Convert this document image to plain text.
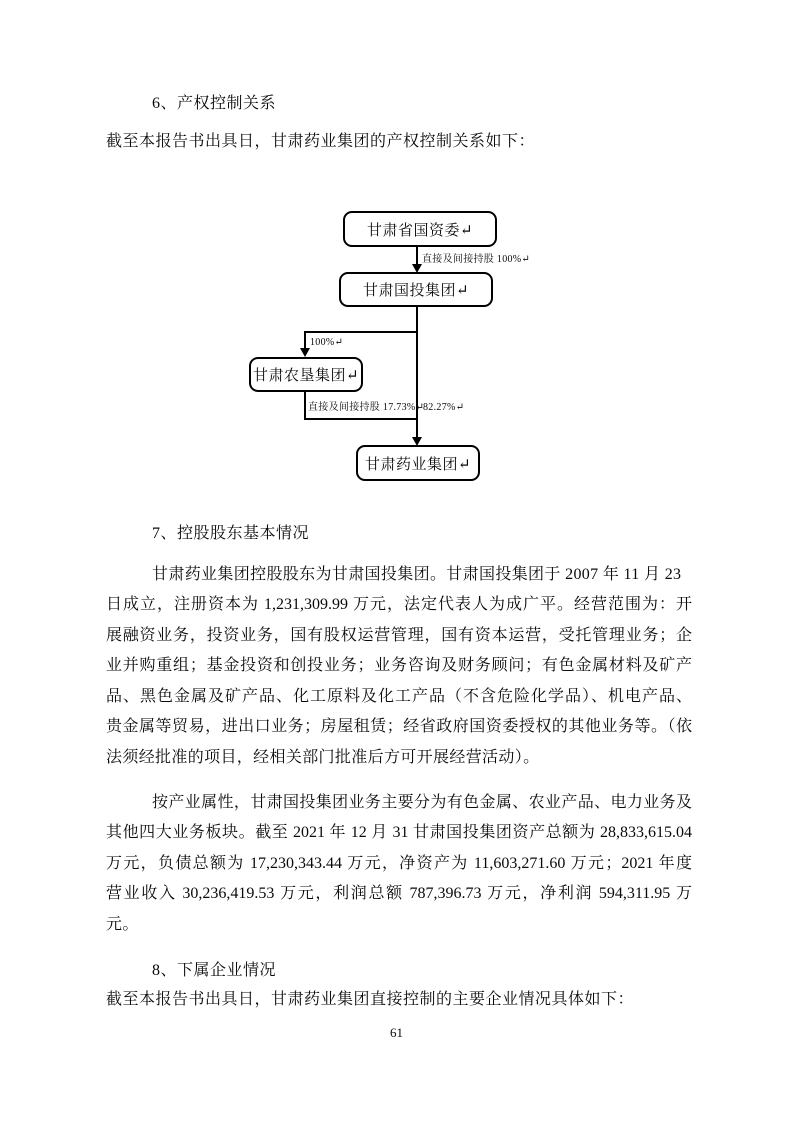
6、产权控制关系
截至本报告书出具日，甘肃药业集团的产权控制关系如下：
甘肃省国资委↵
直接及间接持股 100%↵
甘肃国投集团↵
100%↵
甘肃农垦集团↵
直接及间接持股 17.73%↵
82.27%↵
甘肃药业集团↵
7、控股股东基本情况
甘肃药业集团控股股东为甘肃国投集团。甘肃国投集团于 2007 年 11 月 23
日成立，注册资本为 1,231,309.99 万元，法定代表人为成广平。经营范围为：开
展融资业务，投资业务，国有股权运营管理，国有资本运营，受托管理业务；企
业并购重组；基金投资和创投业务；业务咨询及财务顾问；有色金属材料及矿产
品、黑色金属及矿产品、化工原料及化工产品（不含危险化学品）、机电产品、
贵金属等贸易，进出口业务；房屋租赁；经省政府国资委授权的其他业务等。（依
法须经批准的项目，经相关部门批准后方可开展经营活动）。
按产业属性，甘肃国投集团业务主要分为有色金属、农业产品、电力业务及
其他四大业务板块。截至 2021 年 12 月 31 甘肃国投集团资产总额为 28,833,615.04
万元，负债总额为 17,230,343.44 万元，净资产为 11,603,271.60 万元；2021 年度
营业收入 30,236,419.53 万元，利润总额 787,396.73 万元，净利润 594,311.95 万
元。
8、下属企业情况
截至本报告书出具日，甘肃药业集团直接控制的主要企业情况具体如下：
61
